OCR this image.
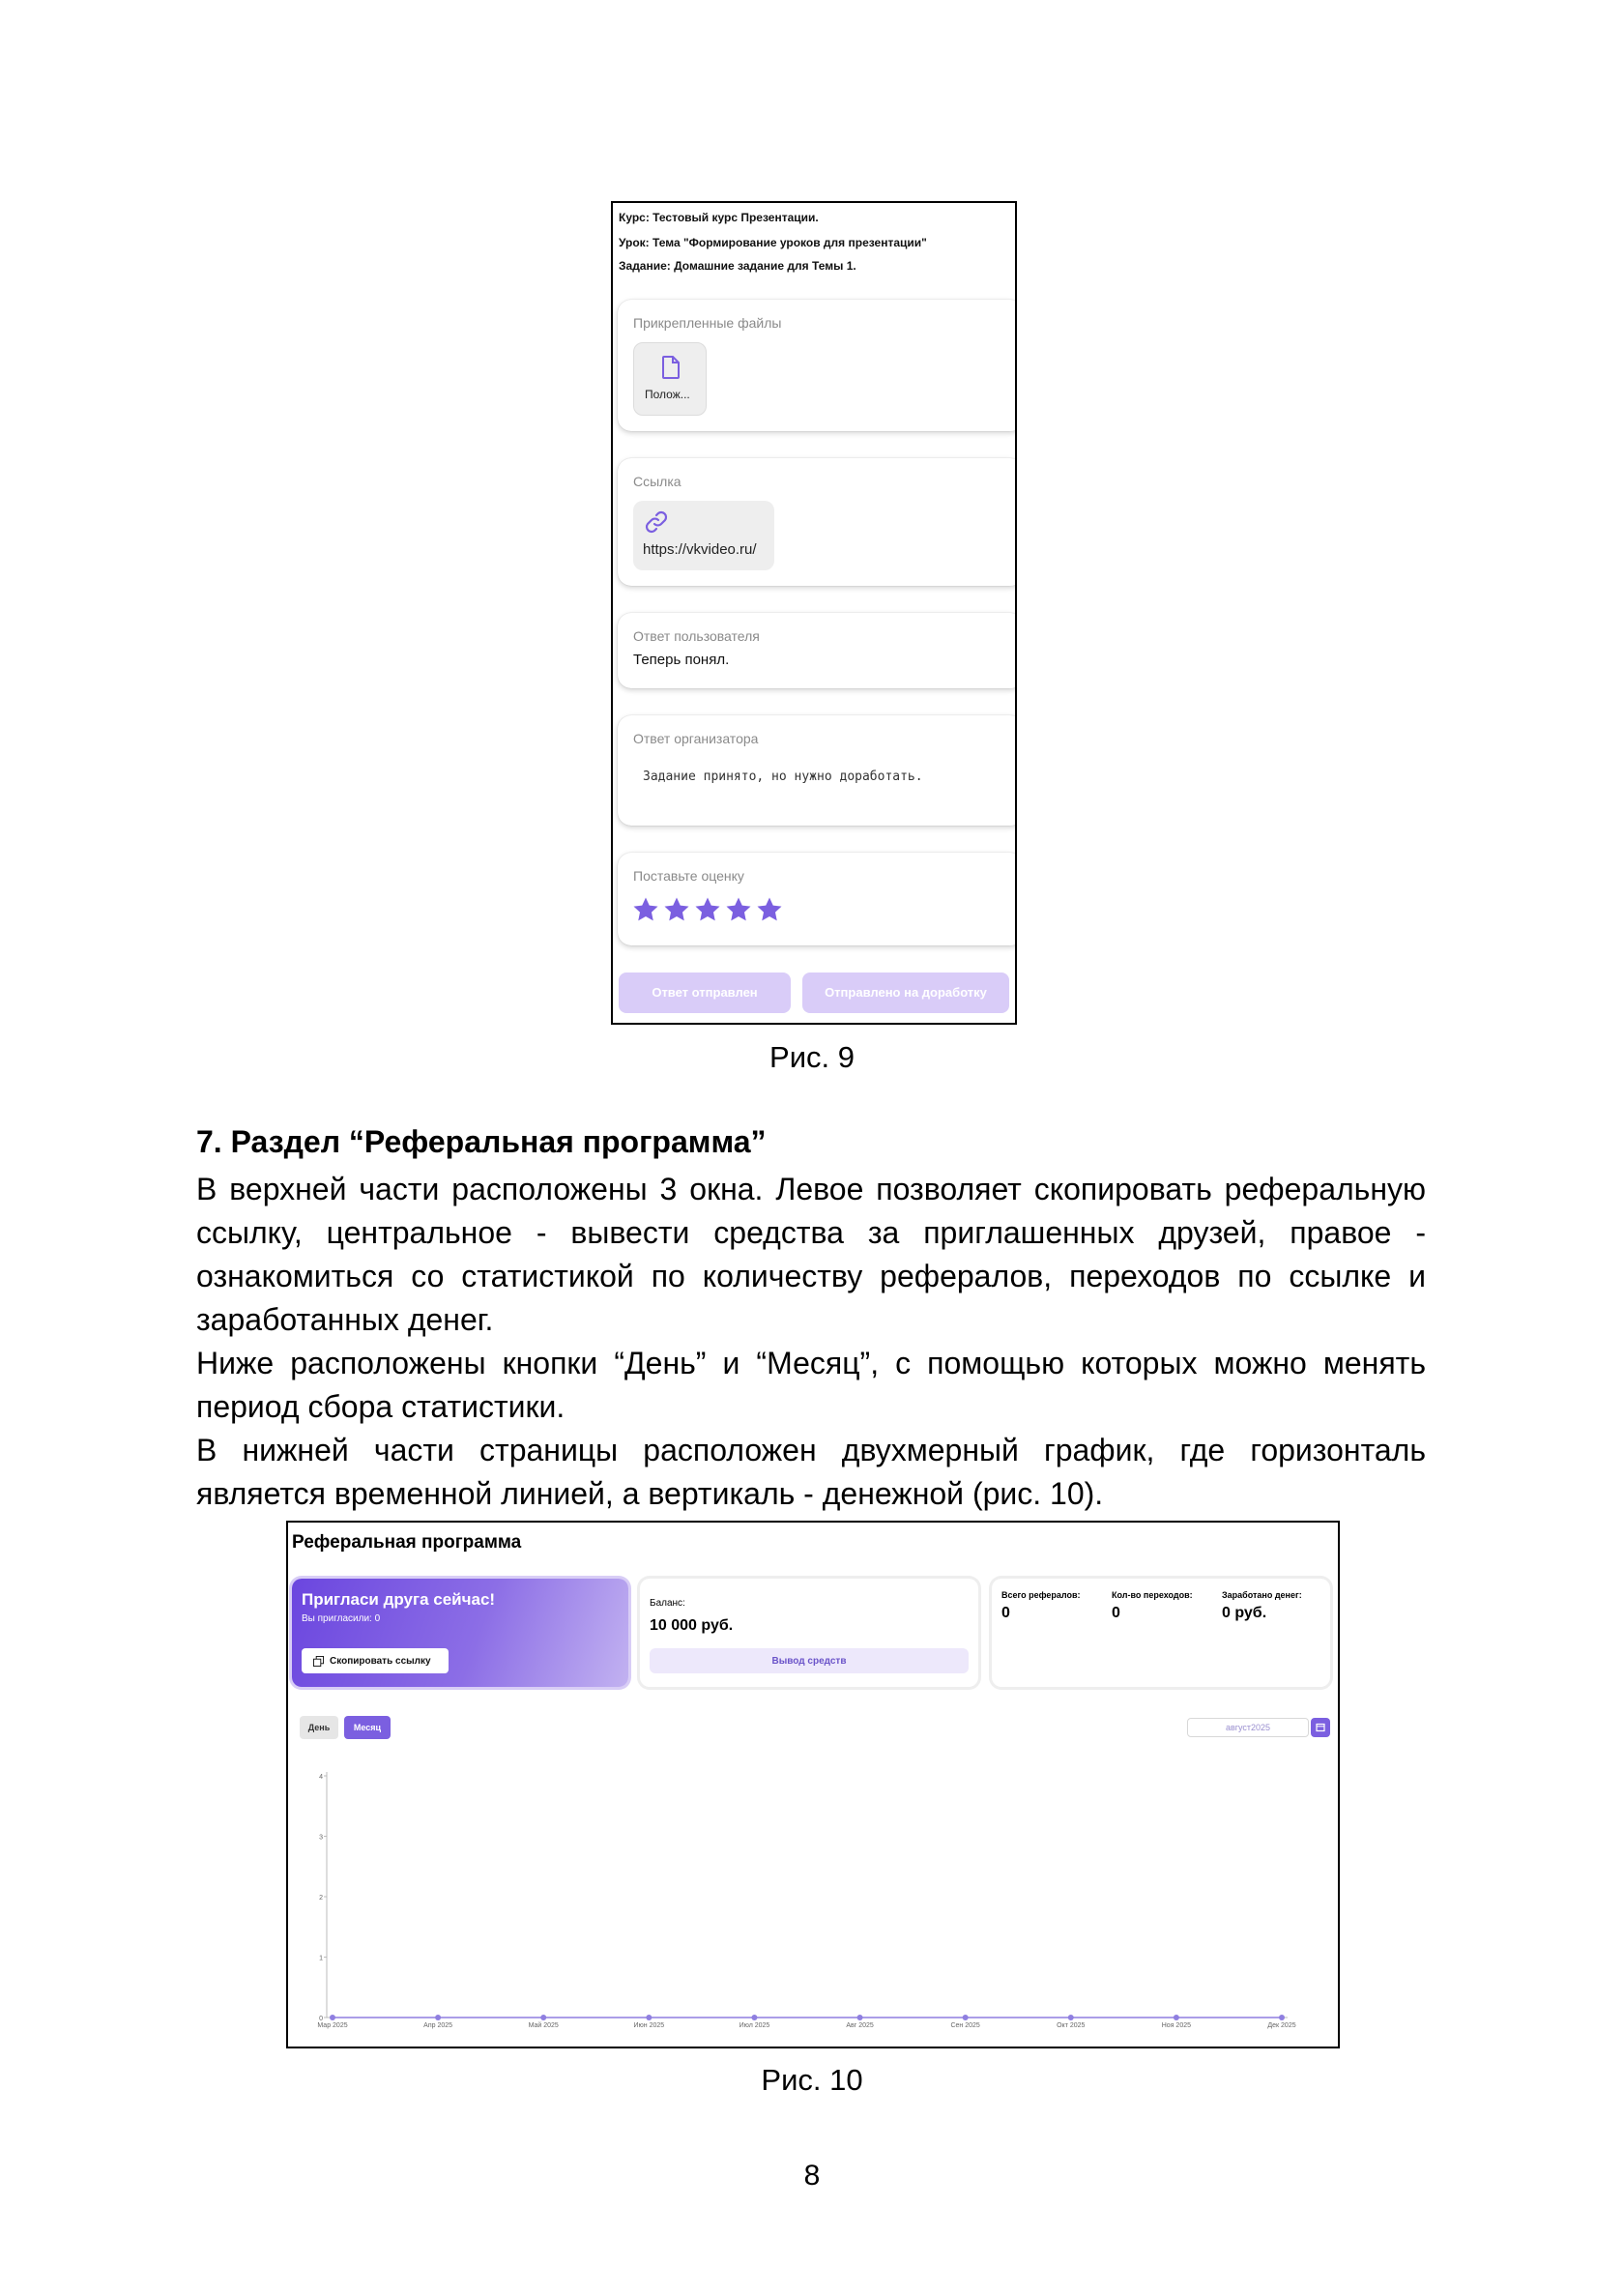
Курс: Тестовый курс Презентации.
Урок: Тема "Формирование уроков для презентации"
Задание: Домашние задание для Темы 1.
Прикрепленные файлы
Полож...
Ссылка
https://vkvideo.ru/
Ответ пользователя
Теперь понял.
Ответ организатора
Задание принято, но нужно доработать.
Поставьте оценку
Ответ отправлен	Отправлено на доработку
Рис. 9
7. Раздел “Реферальная программа”
В верхней части расположены 3 окна. Левое позволяет скопировать реферальную ссылку, центральное - вывести средства за приглашенных друзей, правое - ознакомиться со статистикой по количеству рефералов, переходов по ссылке и заработанных денег.
Ниже расположены кнопки “День” и “Месяц”, с помощью которых можно менять период сбора статистики.
В нижней части страницы расположен двухмерный график, где горизонталь является временной линией, а вертикаль - денежной (рис. 10).
Реферальная программа
Пригласи друга сейчас!
Вы пригласили: 0
Скопировать ссылку
Баланс:
10 000 руб.
Вывод средств
Всего рефералов:
0
Кол-во переходов:
0
Заработано денег:
0 руб.
День	Месяц	август2025
0
1
2
3
4
Мар 2025	Апр 2025	Май 2025	Июн 2025	Июл 2025	Авг 2025	Сен 2025	Окт 2025	Ноя 2025	Дек 2025
Рис. 10
8
